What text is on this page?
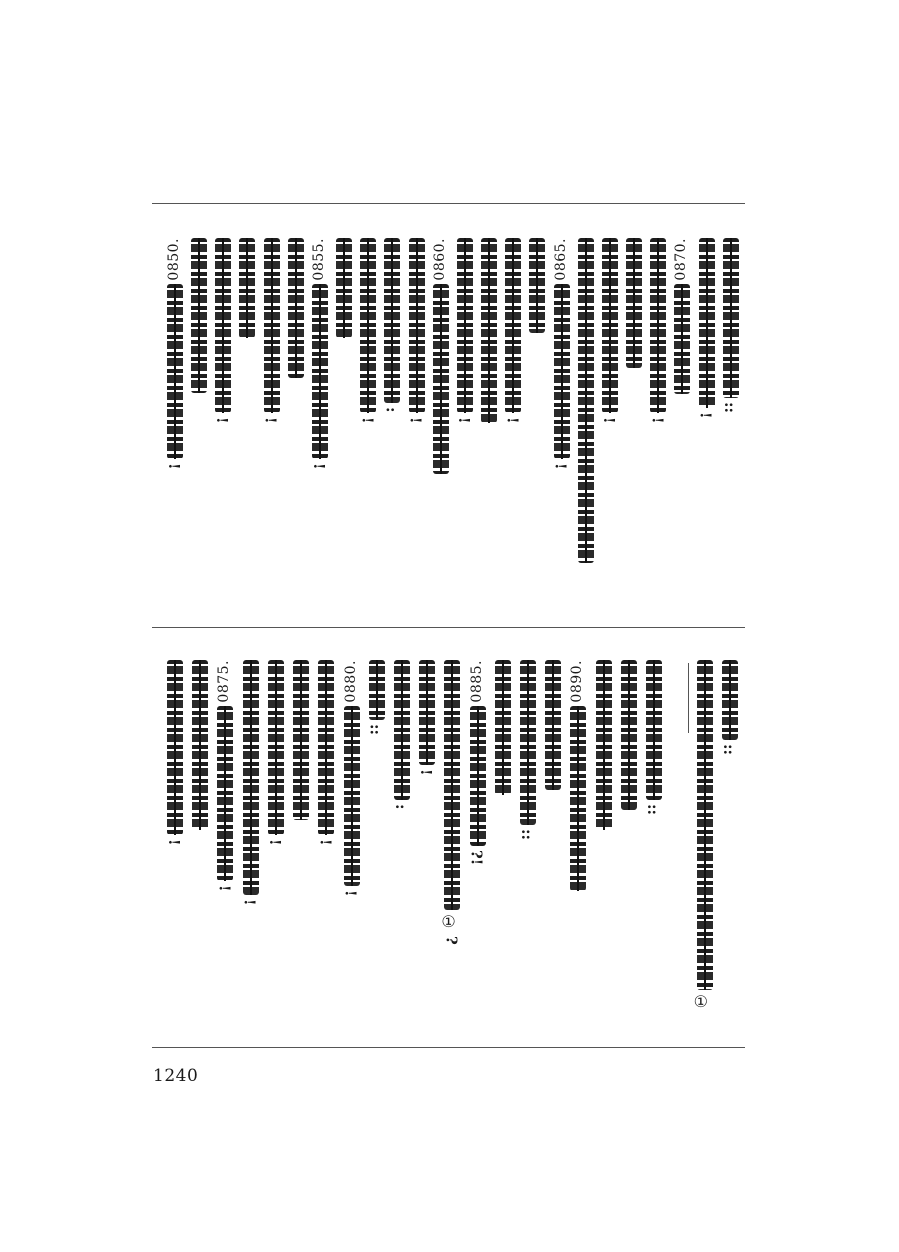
::
!
0870.
!
!
0865.
!
!
!
0860.
!
:
!
0855.
!
!
!
0850.
!
::
①
::
0890.
::
0885.
?!
①
?
!
:
::
0880.
!
!
!
!
0875.
!
!
1240
